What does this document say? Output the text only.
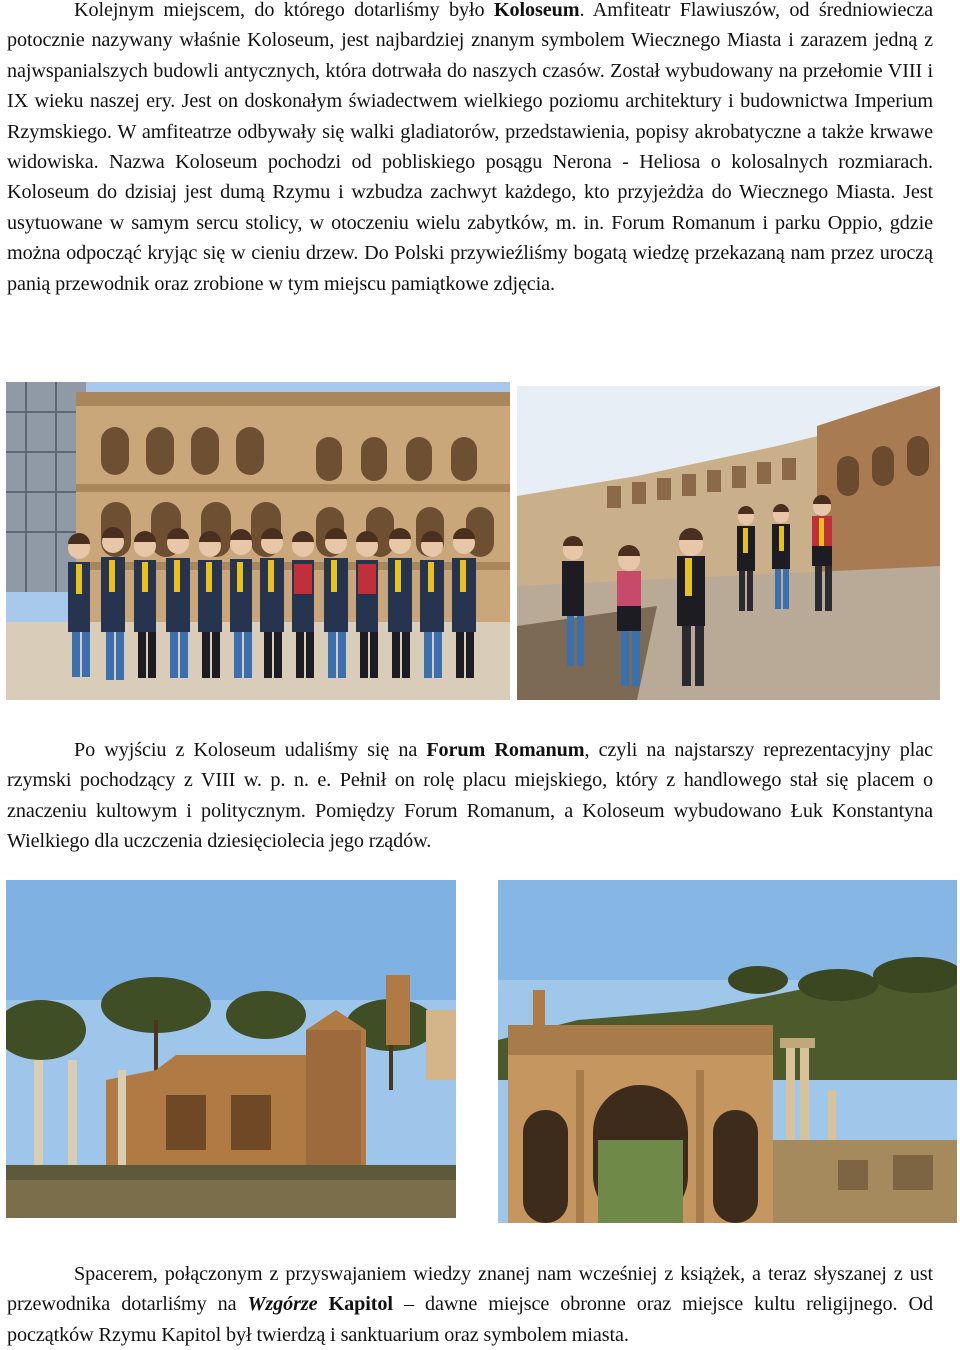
Kolejnym miejscem, do którego dotarliśmy było Koloseum. Amfiteatr Flawiuszów, od średniowiecza potocznie nazywany właśnie Koloseum, jest najbardziej znanym symbolem Wiecznego Miasta i zarazem jedną z najwspanialszych budowli antycznych, która dotrwała do naszych czasów. Został wybudowany na przełomie VIII i IX wieku naszej ery. Jest on doskonałym świadectwem wielkiego poziomu architektury i budownictwa Imperium Rzymskiego. W amfiteatrze odbywały się walki gladiatorów, przedstawienia, popisy akrobatyczne a także krwawe widowiska. Nazwa Koloseum pochodzi od pobliskiego posągu Nerona - Heliosa o kolosalnych rozmiarach. Koloseum do dzisiaj jest dumą Rzymu i wzbudza zachwyt każdego, kto przyjeżdża do Wiecznego Miasta. Jest usytuowane w samym sercu stolicy, w otoczeniu wielu zabytków, m. in. Forum Romanum i parku Oppio, gdzie można odpocząć kryjąc się w cieniu drzew. Do Polski przywieźliśmy bogatą wiedzę przekazaną nam przez uroczą panią przewodnik oraz zrobione w tym miejscu pamiątkowe zdjęcia.
Po wyjściu z Koloseum udaliśmy się na Forum Romanum, czyli na najstarszy reprezentacyjny plac rzymski pochodzący z VIII w. p. n. e. Pełnił on rolę placu miejskiego, który z handlowego stał się placem o znaczeniu kultowym i politycznym. Pomiędzy Forum Romanum, a Koloseum wybudowano Łuk Konstantyna Wielkiego dla uczczenia dziesięciolecia jego rządów.
Spacerem, połączonym z przyswajaniem wiedzy znanej nam wcześniej z książek, a teraz słyszanej z ust przewodnika dotarliśmy na Wzgórze Kapitol – dawne miejsce obronne oraz miejsce kultu religijnego. Od początków Rzymu Kapitol był twierdzą i sanktuarium oraz symbolem miasta.
